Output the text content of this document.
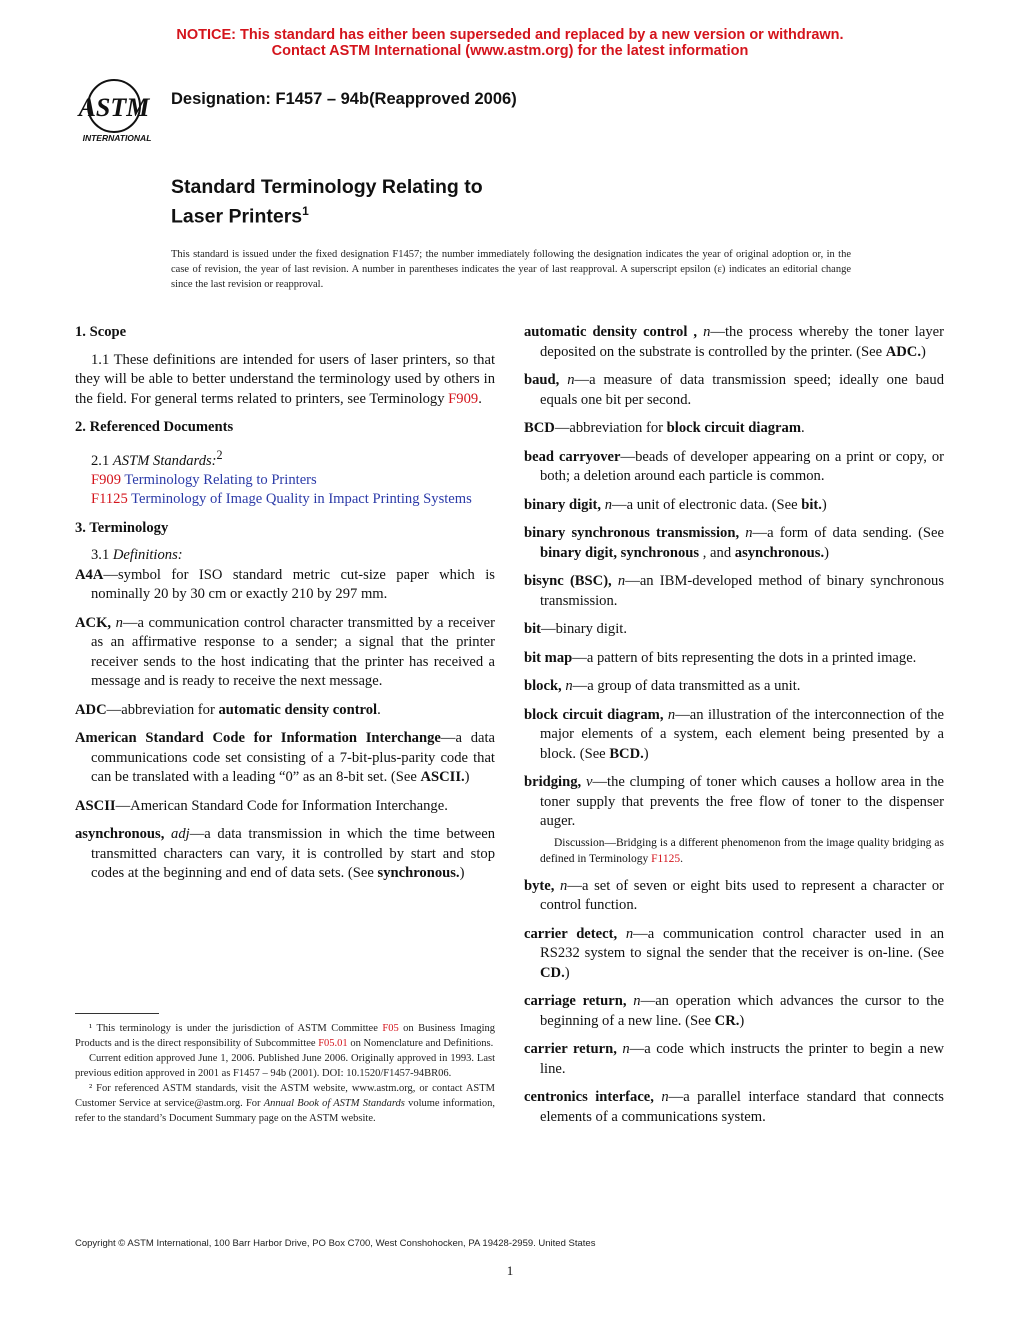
NOTICE: This standard has either been superseded and replaced by a new version or withdrawn.
Contact ASTM International (www.astm.org) for the latest information
ASTM
INTERNATIONAL
Designation: F1457 – 94b(Reapproved 2006)
Standard Terminology Relating to
Laser Printers$^1$
This standard is issued under the fixed designation F1457; the number immediately following the designation indicates the year of original adoption or, in the case of revision, the year of last revision. A number in parentheses indicates the year of last reapproval. A superscript epsilon (ε) indicates an editorial change since the last revision or reapproval.
1. Scope
1.1 These definitions are intended for users of laser printers, so that they will be able to better understand the terminology used by others in the field. For general terms related to printers, see Terminology F909.
2. Referenced Documents
2.1 ASTM Standards:$^2$
F909 Terminology Relating to Printers
F1125 Terminology of Image Quality in Impact Printing Systems
3. Terminology
3.1 Definitions:
A4A—symbol for ISO standard metric cut-size paper which is nominally 20 by 30 cm or exactly 210 by 297 mm.
ACK, n—a communication control character transmitted by a receiver as an affirmative response to a sender; a signal that the printer receiver sends to the host indicating that the printer has received a message and is ready to receive the next message.
ADC—abbreviation for automatic density control.
American Standard Code for Information Interchange—a data communications code set consisting of a 7-bit-plus-parity code that can be translated with a leading “0” as an 8-bit set. (See ASCII.)
ASCII—American Standard Code for Information Interchange.
asynchronous, adj—a data transmission in which the time between transmitted characters can vary, it is controlled by start and stop codes at the beginning and end of data sets. (See synchronous.)

¹ This terminology is under the jurisdiction of ASTM Committee F05 on Business Imaging Products and is the direct responsibility of Subcommittee F05.01 on Nomenclature and Definitions.

Current edition approved June 1, 2006. Published June 2006. Originally approved in 1993. Last previous edition approved in 2001 as F1457 – 94b (2001). DOI: 10.1520/F1457-94BR06.

² For referenced ASTM standards, visit the ASTM website, www.astm.org, or contact ASTM Customer Service at service@astm.org. For Annual Book of ASTM Standards volume information, refer to the standard’s Document Summary page on the ASTM website.

automatic density control , n—the process whereby the toner layer deposited on the substrate is controlled by the printer. (See ADC.)
baud, n—a measure of data transmission speed; ideally one baud equals one bit per second.
BCD—abbreviation for block circuit diagram.
bead carryover—beads of developer appearing on a print or copy, or both; a deletion around each particle is common.
binary digit, n—a unit of electronic data. (See bit.)
binary synchronous transmission, n—a form of data sending. (See binary digit, synchronous , and asynchronous.)
bisync (BSC), n—an IBM-developed method of binary synchronous transmission.
bit—binary digit.
bit map—a pattern of bits representing the dots in a printed image.
block, n—a group of data transmitted as a unit.
block circuit diagram, n—an illustration of the interconnection of the major elements of a system, each element being presented by a block. (See BCD.)
bridging, v—the clumping of toner which causes a hollow area in the toner supply that prevents the free flow of toner to the dispenser auger.
Discussion—Bridging is a different phenomenon from the image quality bridging as defined in Terminology F1125.
byte, n—a set of seven or eight bits used to represent a character or control function.
carrier detect, n—a communication control character used in an RS232 system to signal the sender that the receiver is on-line. (See CD.)
carriage return, n—an operation which advances the cursor to the beginning of a new line. (See CR.)
carrier return, n—a code which instructs the printer to begin a new line.
centronics interface, n—a parallel interface standard that connects elements of a communications system.
Copyright © ASTM International, 100 Barr Harbor Drive, PO Box C700, West Conshohocken, PA 19428-2959. United States
1
